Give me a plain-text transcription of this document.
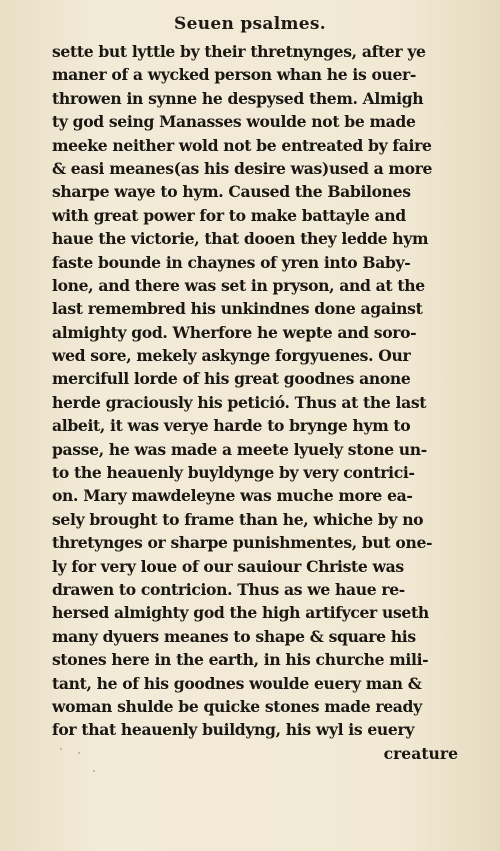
Seuen psalmes.
sette but lyttle by their thretnynges, after ye
maner of a wycked person whan he is ouer-
throwen in synne he despysed them. Almigh
ty god seing Manasses woulde not be made
meeke neither wold not be entreated by faire
& easi meanes(as his desire was)used a more
sharpe waye to hym. Caused the Babilones
with great power for to make battayle and
haue the victorie, that dooen they ledde hym
faste bounde in chaynes of yren into Baby-
lone, and there was set in pryson, and at the
last remembred his unkindnes done against
almighty god. Wherfore he wepte and soro-
wed sore, mekely askynge forgyuenes. Our
mercifull lorde of his great goodnes anone
herde graciously his petició. Thus at the last
albeit, it was verye harde to brynge hym to
passe, he was made a meete lyuely stone un-
to the heauenly buyldynge by very contrici-
on. Mary mawdeleyne was muche more ea-
sely brought to frame than he, whiche by no
thretynges or sharpe punishmentes, but one-
ly for very loue of our sauiour Christe was
drawen to contricion. Thus as we haue re-
hersed almighty god the high artifycer useth
many dyuers meanes to shape & square his
stones here in the earth, in his churche mili-
tant, he of his goodnes woulde euery man &
woman shulde be quicke stones made ready
for that heauenly buildyng, his wyl is euery
creature
